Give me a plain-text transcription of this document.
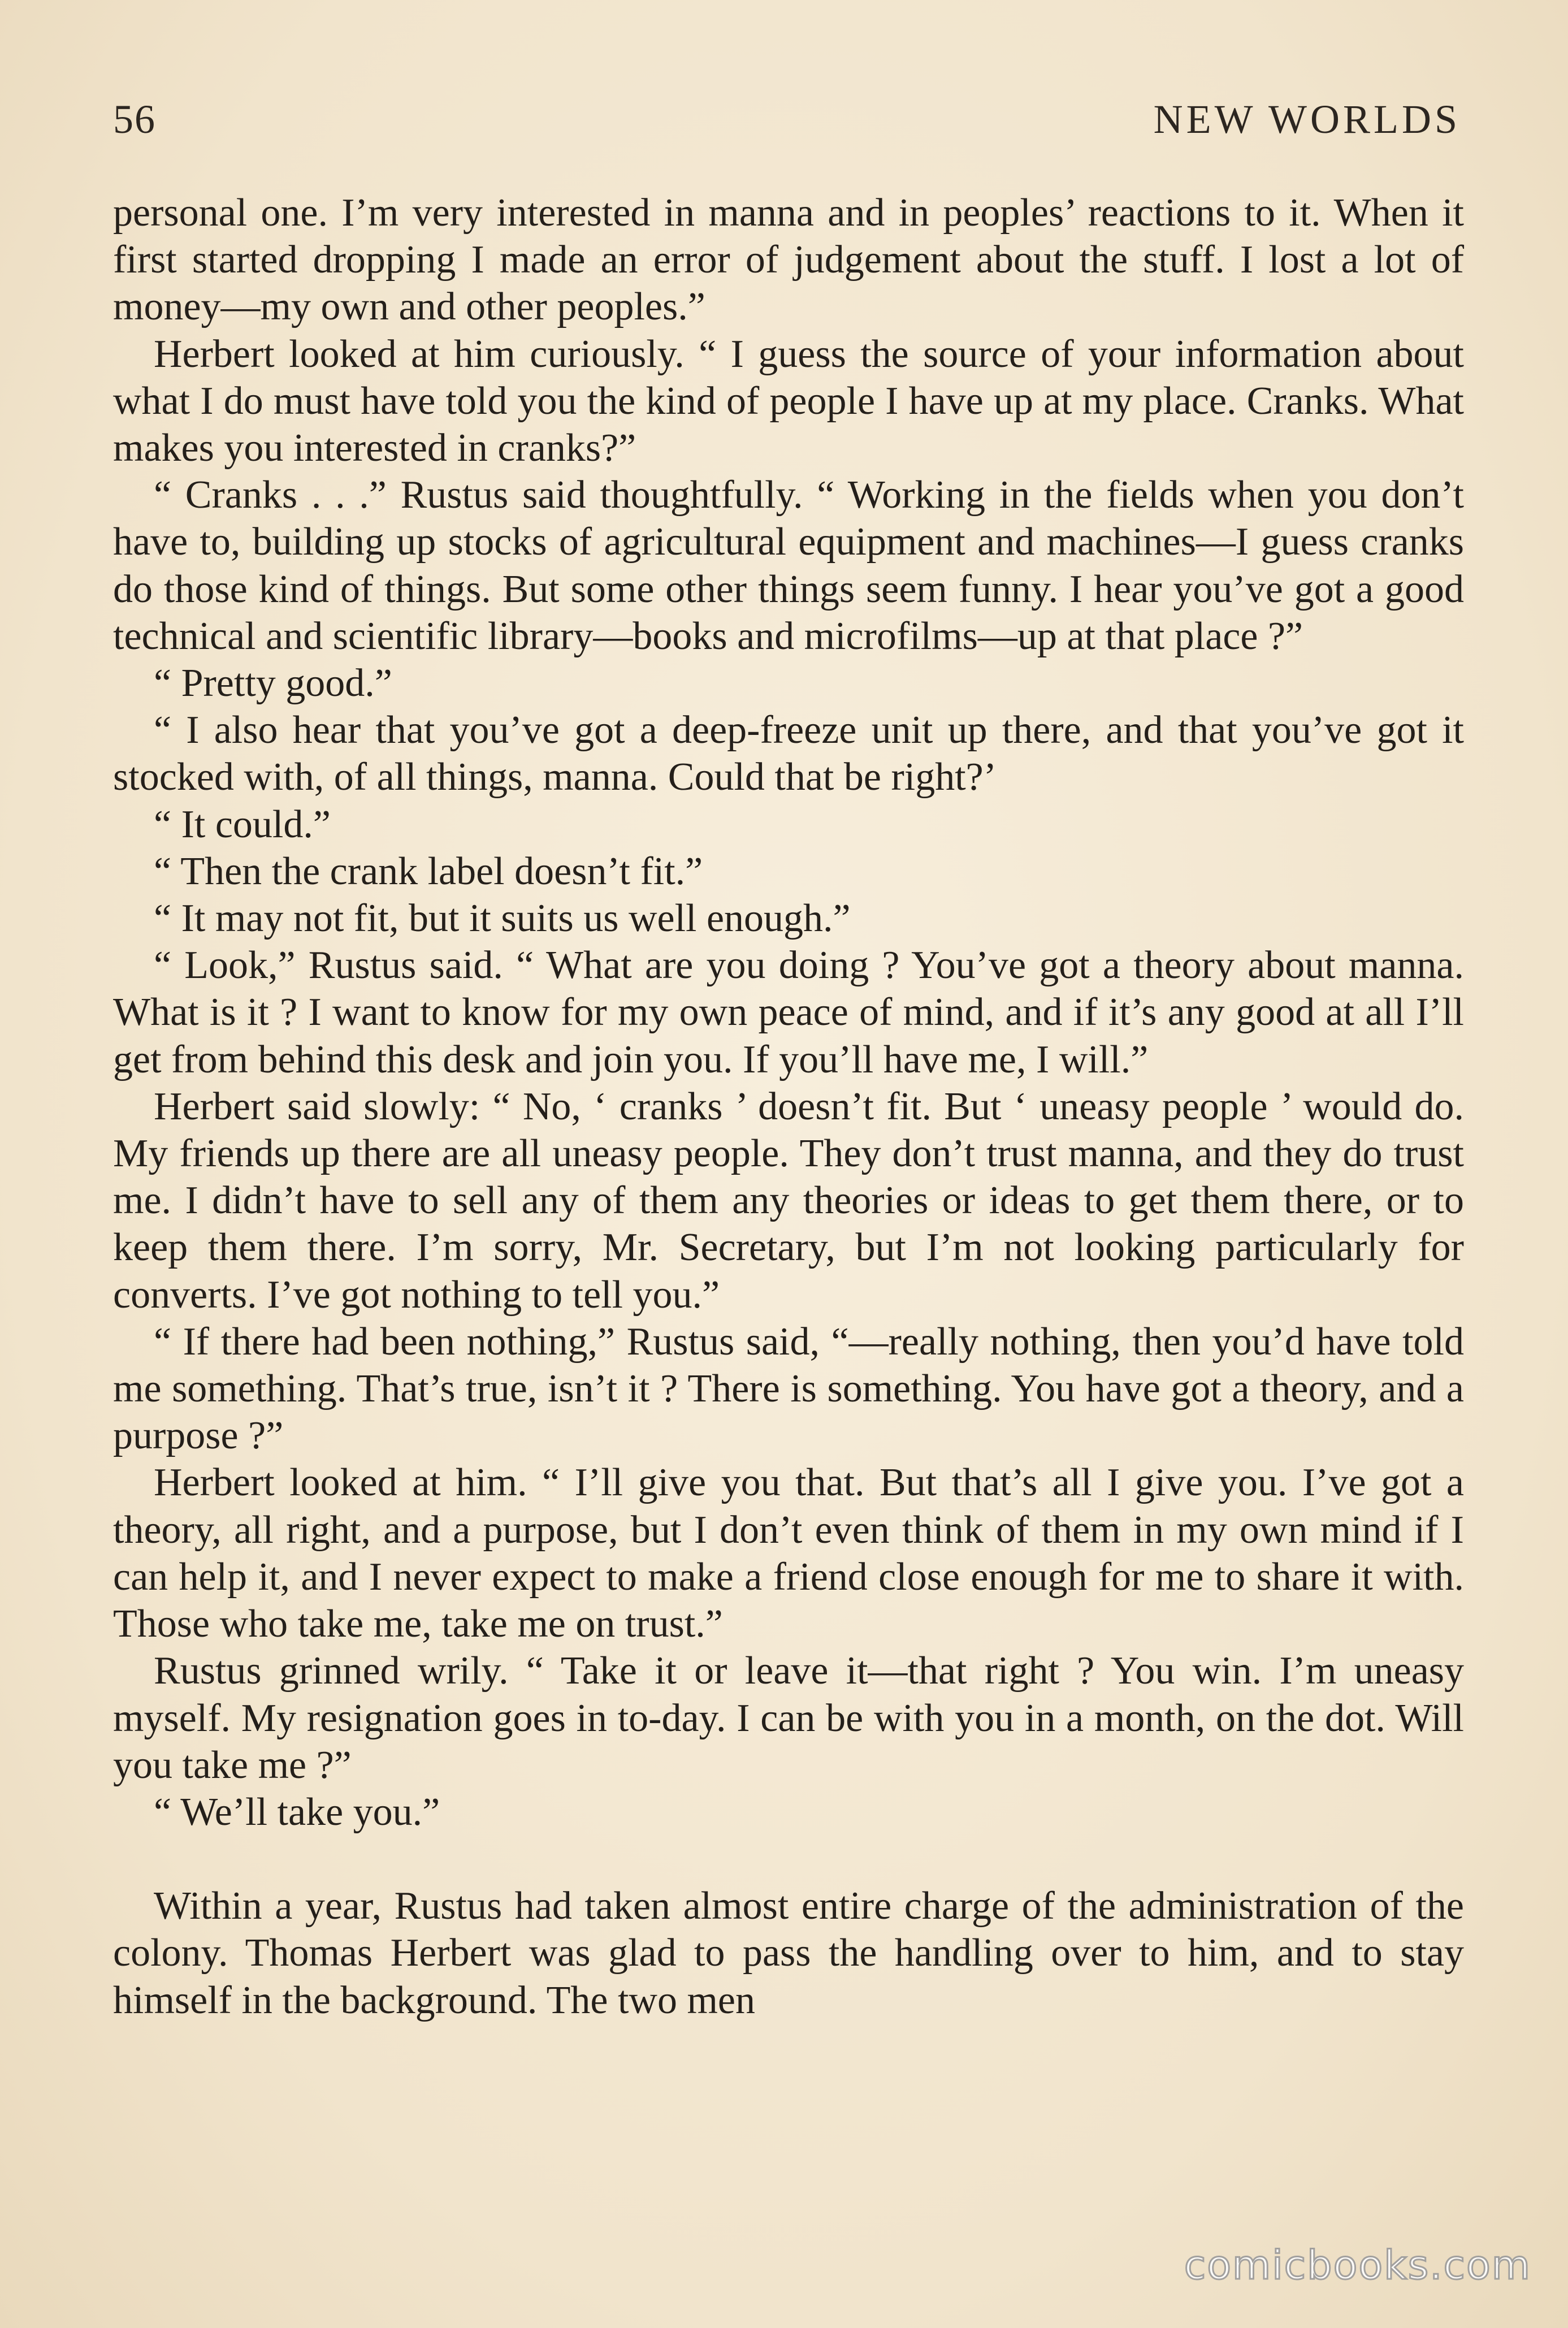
56	NEW WORLDS

personal one. I’m very interested in manna and in peoples’ reactions to it. When it first started dropping I made an error of judgement about the stuff. I lost a lot of money—my own and other peoples.”

Herbert looked at him curiously. “ I guess the source of your information about what I do must have told you the kind of people I have up at my place. Cranks. What makes you interested in cranks?”

“ Cranks . . .” Rustus said thoughtfully. “ Working in the fields when you don’t have to, building up stocks of agricultural equipment and machines—I guess cranks do those kind of things. But some other things seem funny. I hear you’ve got a good technical and scientific library—books and microfilms—up at that place ?”

“ Pretty good.”

“ I also hear that you’ve got a deep-freeze unit up there, and that you’ve got it stocked with, of all things, manna. Could that be right?’

“ It could.”

“ Then the crank label doesn’t fit.”

“ It may not fit, but it suits us well enough.”

“ Look,” Rustus said. “ What are you doing ? You’ve got a theory about manna. What is it ? I want to know for my own peace of mind, and if it’s any good at all I’ll get from behind this desk and join you. If you’ll have me, I will.”

Herbert said slowly: “ No, ‘ cranks ’ doesn’t fit. But ‘ uneasy people ’ would do. My friends up there are all uneasy people. They don’t trust manna, and they do trust me. I didn’t have to sell any of them any theories or ideas to get them there, or to keep them there. I’m sorry, Mr. Secretary, but I’m not looking particularly for converts. I’ve got nothing to tell you.”

“ If there had been nothing,” Rustus said, “—really nothing, then you’d have told me something. That’s true, isn’t it ? There is something. You have got a theory, and a purpose ?”

Herbert looked at him. “ I’ll give you that. But that’s all I give you. I’ve got a theory, all right, and a purpose, but I don’t even think of them in my own mind if I can help it, and I never expect to make a friend close enough for me to share it with. Those who take me, take me on trust.”

Rustus grinned wrily. “ Take it or leave it—that right ? You win. I’m uneasy myself. My resignation goes in to-day. I can be with you in a month, on the dot. Will you take me ?”

“ We’ll take you.”

Within a year, Rustus had taken almost entire charge of the administration of the colony. Thomas Herbert was glad to pass the handling over to him, and to stay himself in the background. The two men

comicbooks.com
